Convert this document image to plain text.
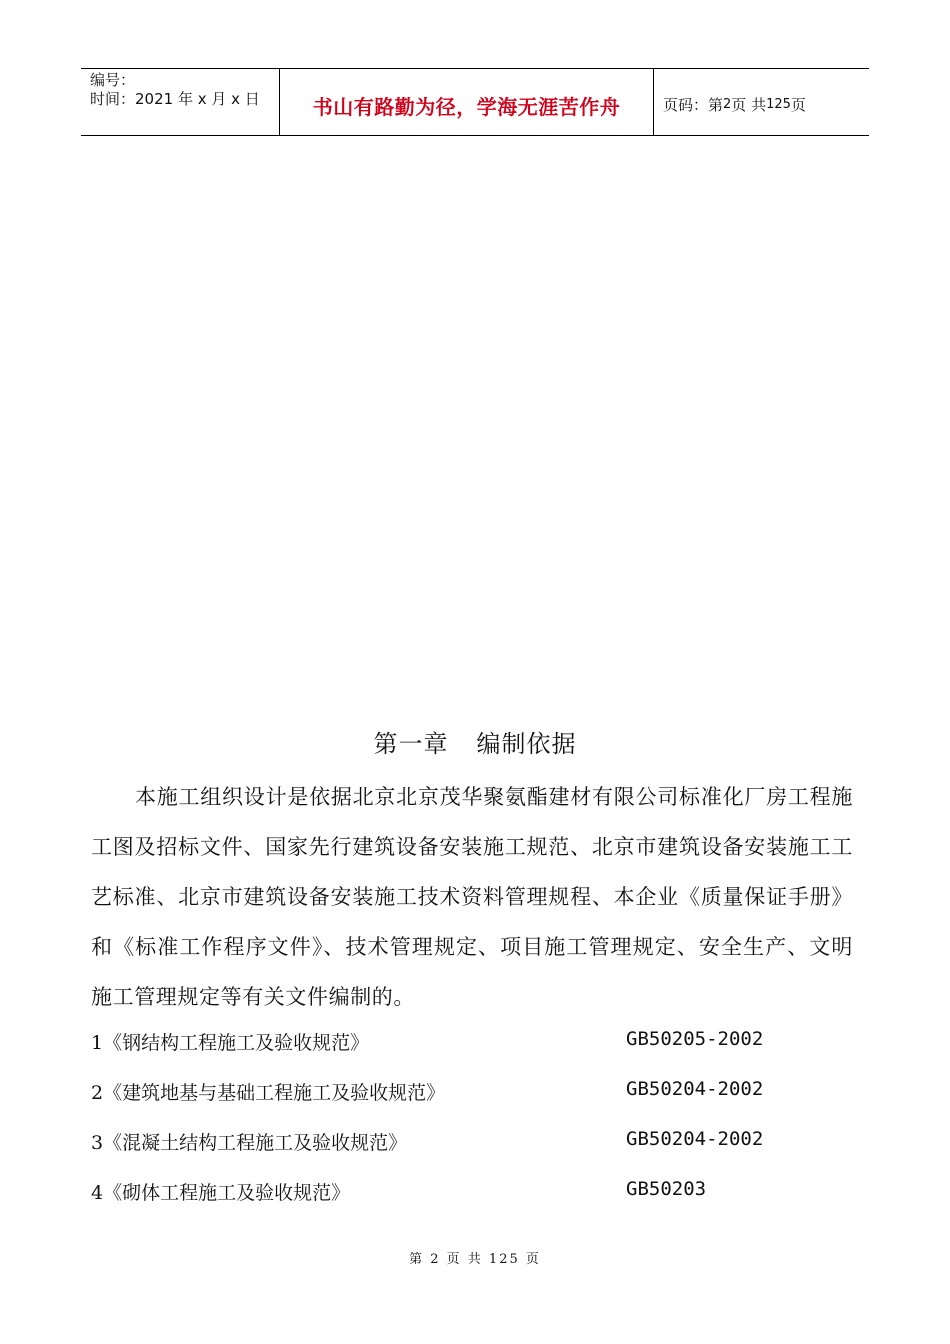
编号：
时间：2021 年 x 月 x 日	书山有路勤为径，学海无涯苦作舟	页码：第 2 页 共 125 页
第一章 编制依据
本施工组织设计是依据北京北京茂华聚氨酯建材有限公司标准化厂房工程施工图及招标文件、国家先行建筑设备安装施工规范、北京市建筑设备安装施工工艺标准、北京市建筑设备安装施工技术资料管理规程、本企业《质量保证手册》和《标准工作程序文件》、技术管理规定、项目施工管理规定、安全生产、文明施工管理规定等有关文件编制的。
1《钢结构工程施工及验收规范》	GB50205-2002
2《建筑地基与基础工程施工及验收规范》	GB50204-2002
3《混凝土结构工程施工及验收规范》	GB50204-2002
4《砌体工程施工及验收规范》	GB50203
第 2 页 共 125 页
